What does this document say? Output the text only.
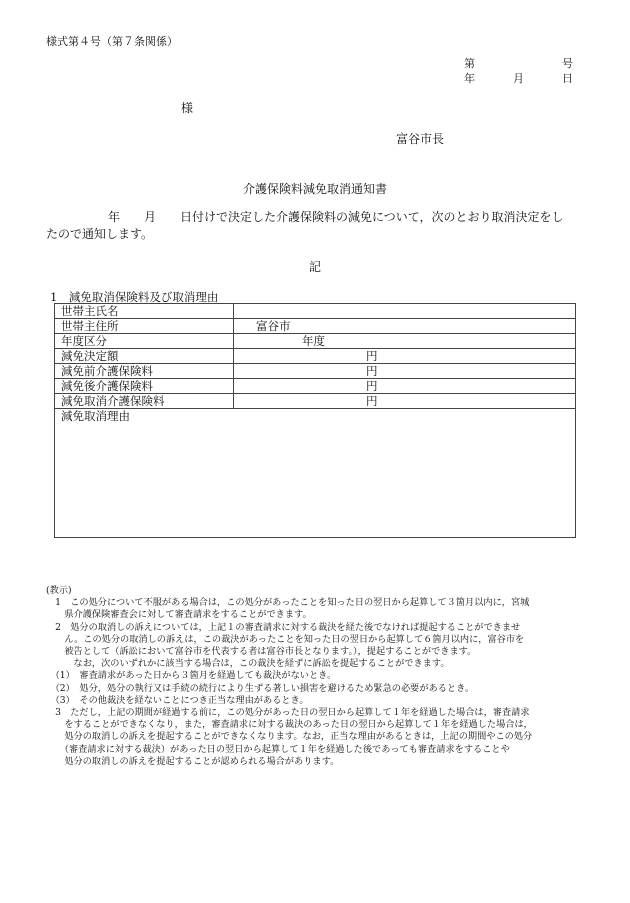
様式第４号（第７条関係）
第	号
年	月	日
様
富谷市長
介護保険料減免取消通知書
年 月 日付けで決定した介護保険料の減免について，次のとおり取消決定をし
たので通知します。
記
1　減免取消保険料及び取消理由
世帯主氏名	
世帯主住所	富谷市
年度区分	年度
減免決定額	円
減免前介護保険料	円
減免後介護保険料	円
減免取消介護保険料	円
減免取消理由	
(教示)
　1　この処分について不服がある場合は，この処分があったことを知った日の翌日から起算して３箇月以内に，宮城
　　県介護保険審査会に対して審査請求をすることができます。
　2　処分の取消しの訴えについては，上記１の審査請求に対する裁決を経た後でなければ提起することができませ
　　ん。この処分の取消しの訴えは，この裁決があったことを知った日の翌日から起算して６箇月以内に，富谷市を
　　被告として（訴訟において富谷市を代表する者は富谷市長となります。），提起することができます。
　　　なお，次のいずれかに該当する場合は，この裁決を経ずに訴訟を提起することができます。
　（1）　審査請求があった日から３箇月を経過しても裁決がないとき。
　（2）　処分，処分の執行又は手続の続行により生ずる著しい損害を避けるため緊急の必要があるとき。
　（3）　その他裁決を経ないことにつき正当な理由があるとき。
　3　ただし，上記の期間が経過する前に，この処分があった日の翌日から起算して１年を経過した場合は，審査請求
　　をすることができなくなり，また，審査請求に対する裁決のあった日の翌日から起算して１年を経過した場合は，
　　処分の取消しの訴えを提起することができなくなります。なお，正当な理由があるときは，上記の期間やこの処分
　　（審査請求に対する裁決）があった日の翌日から起算して１年を経過した後であっても審査請求をすることや
　　処分の取消しの訴えを提起することが認められる場合があります。
